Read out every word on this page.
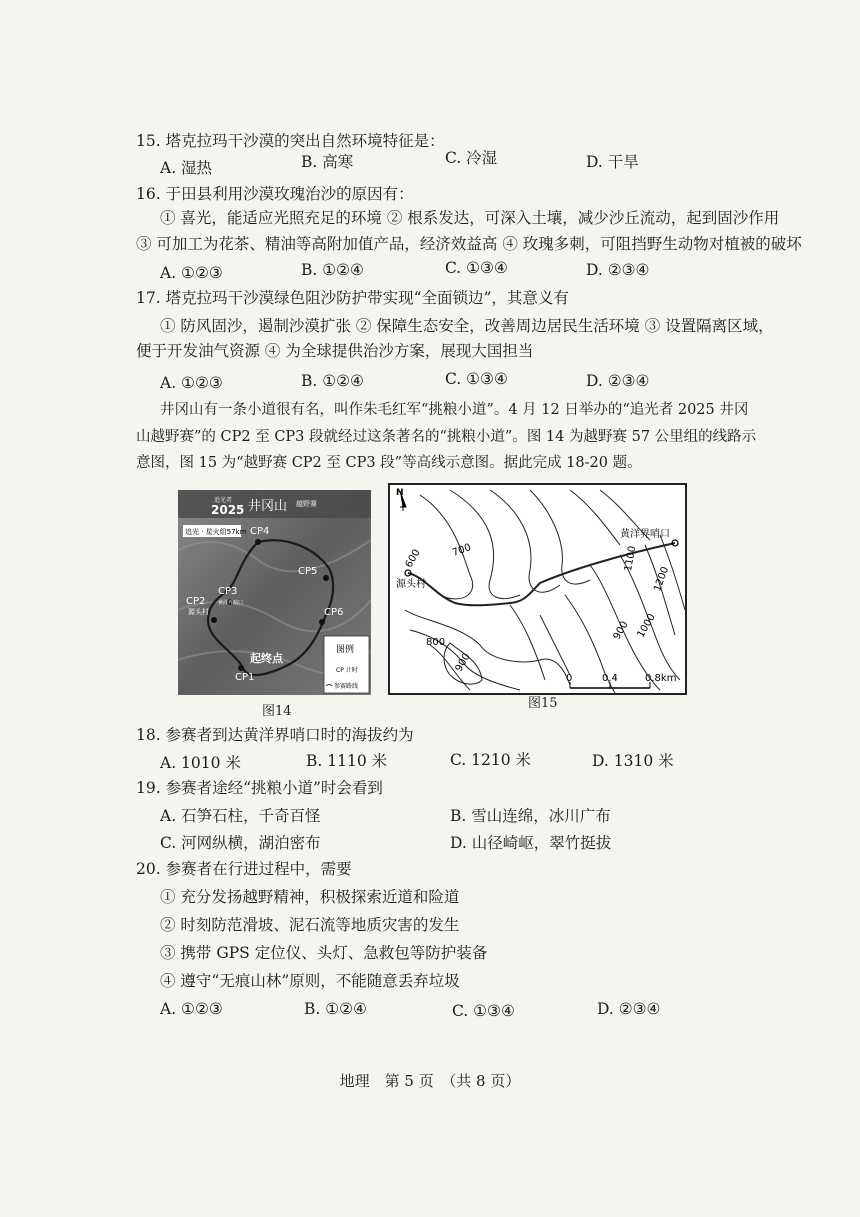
15. 塔克拉玛干沙漠的突出自然环境特征是：
A. 湿热	B. 高寒	C. 冷湿	D. 干旱
16. 于田县利用沙漠玫瑰治沙的原因有：
① 喜光，能适应光照充足的环境 ② 根系发达，可深入土壤，减少沙丘流动，起到固沙作用
③ 可加工为花茶、精油等高附加值产品，经济效益高 ④ 玫瑰多刺，可阻挡野生动物对植被的破坏
A. ①②③	B. ①②④	C. ①③④	D. ②③④
17. 塔克拉玛干沙漠绿色阻沙防护带实现“全面锁边”，其意义有
① 防风固沙，遏制沙漠扩张 ② 保障生态安全，改善周边居民生活环境 ③ 设置隔离区域，
便于开发油气资源 ④ 为全球提供治沙方案，展现大国担当
A. ①②③	B. ①②④	C. ①③④	D. ②③④
井冈山有一条小道很有名，叫作朱毛红军“挑粮小道”。4 月 12 日举办的“追光者 2025 井冈
山越野赛”的 CP2 至 CP3 段就经过这条著名的“挑粮小道”。图 14 为越野赛 57 公里组的线路示
意图，图 15 为“越野赛 CP2 至 CP3 段”等高线示意图。据此完成 18-20 题。
追光者
2025 井冈山 越野赛
追光 · 星火组57km CP4
CP5
CP6
CP1
CP2
源头村
CP3
黄洋界哨口
起终点
图例
CP 计时
参赛路线
图14
N
源头村
黄洋界哨口
600	700
800
900
900 1000
1100
1200
0	0.4	0.8km
图15
18. 参赛者到达黄洋界哨口时的海拔约为
A. 1010 米	B. 1110 米	C. 1210 米	D. 1310 米
19. 参赛者途经“挑粮小道”时会看到
A. 石笋石柱，千奇百怪	B. 雪山连绵，冰川广布
C. 河网纵横，湖泊密布	D. 山径崎岖，翠竹挺拔
20. 参赛者在行进过程中，需要
① 充分发扬越野精神，积极探索近道和险道
② 时刻防范滑坡、泥石流等地质灾害的发生
③ 携带 GPS 定位仪、头灯、急救包等防护装备
④ 遵守“无痕山林”原则，不能随意丢弃垃圾
A. ①②③	B. ①②④	C. ①③④	D. ②③④
地理　第 5 页　（共 8 页）
